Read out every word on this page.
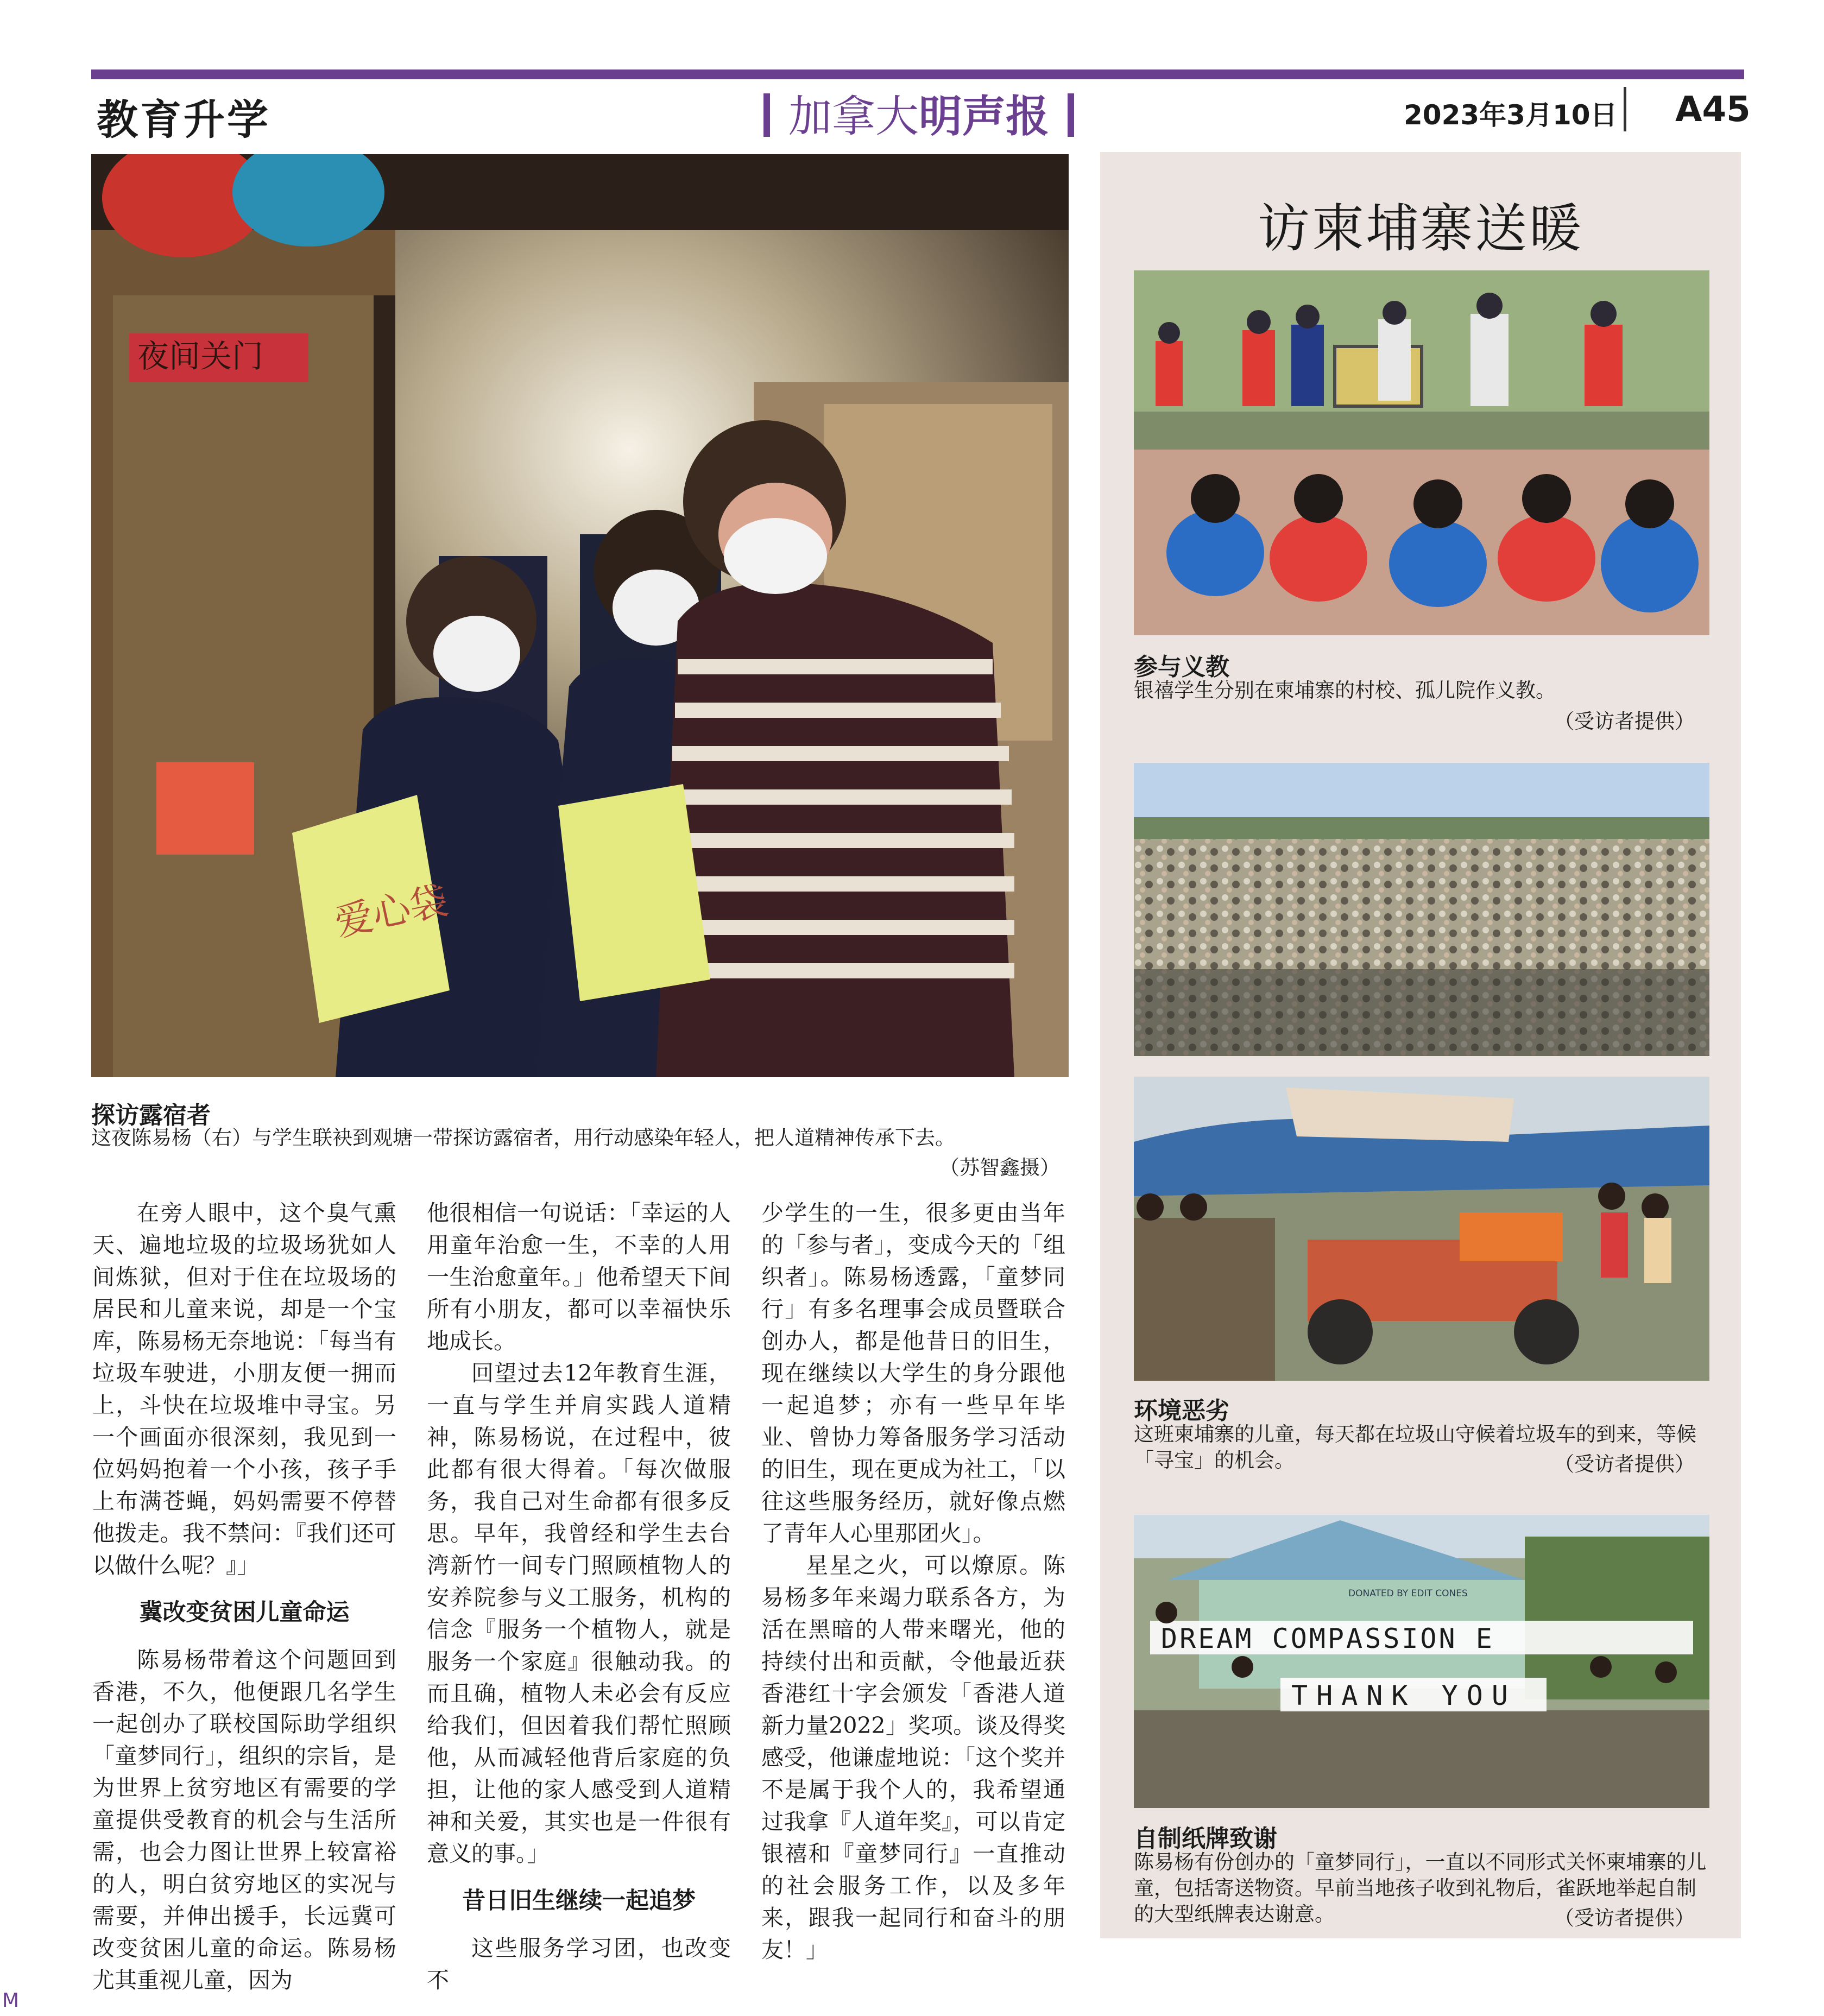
教育升学	加拿大明声报	2023年3月10日 A45
夜间关门
爱心袋
探访露宿者
这夜陈易杨（右）与学生联袂到观塘一带探访露宿者，用行动感染年轻人，把人道精神传承下去。
（苏智鑫摄）

在旁人眼中，这个臭气熏天、遍地垃圾的垃圾场犹如人间炼狱，但对于住在垃圾场的居民和儿童来说，却是一个宝库，陈易杨无奈地说：「每当有垃圾车驶进，小朋友便一拥而上，斗快在垃圾堆中寻宝。另一个画面亦很深刻，我见到一位妈妈抱着一个小孩，孩子手上布满苍蝇，妈妈需要不停替他拨走。我不禁问：『我们还可以做什么呢？』」

冀改变贫困儿童命运

陈易杨带着这个问题回到香港，不久，他便跟几名学生一起创办了联校国际助学组织「童梦同行」，组织的宗旨，是为世界上贫穷地区有需要的学童提供受教育的机会与生活所需，也会力图让世界上较富裕的人，明白贫穷地区的实况与需要，并伸出援手，长远冀可改变贫困儿童的命运。陈易杨尤其重视儿童，因为

他很相信一句说话：「幸运的人用童年治愈一生，不幸的人用一生治愈童年。」他希望天下间所有小朋友，都可以幸福快乐地成长。

回望过去12年教育生涯，一直与学生并肩实践人道精神，陈易杨说，在过程中，彼此都有很大得着。「每次做服务，我自己对生命都有很多反思。早年，我曾经和学生去台湾新竹一间专门照顾植物人的安养院参与义工服务，机构的信念『服务一个植物人，就是服务一个家庭』很触动我。的而且确，植物人未必会有反应给我们，但因着我们帮忙照顾他，从而减轻他背后家庭的负担，让他的家人感受到人道精神和关爱，其实也是一件很有意义的事。」

昔日旧生继续一起追梦

这些服务学习团，也改变不

少学生的一生，很多更由当年的「参与者」，变成今天的「组织者」。陈易杨透露，「童梦同行」有多名理事会成员暨联合创办人，都是他昔日的旧生，现在继续以大学生的身分跟他一起追梦；亦有一些早年毕业、曾协力筹备服务学习活动的旧生，现在更成为社工，「以往这些服务经历，就好像点燃了青年人心里那团火」。

星星之火，可以燎原。陈易杨多年来竭力联系各方，为活在黑暗的人带来曙光，他的持续付出和贡献，令他最近获香港红十字会颁发「香港人道新力量2022」奖项。谈及得奖感受，他谦虚地说：「这个奖并不是属于我个人的，我希望通过我拿『人道年奖』，可以肯定银禧和『童梦同行』一直推动的社会服务工作，以及多年来，跟我一起同行和奋斗的朋友！」

访柬埔寨送暖
参与义教
银禧学生分别在柬埔寨的村校、孤儿院作义教。
（受访者提供）
环境恶劣
这班柬埔寨的儿童，每天都在垃圾山守候着垃圾车的到来，等候「寻宝」的机会。	（受访者提供）
DONATED BY EDIT CONES
DREAM COMPASSION E
THANK YOU
自制纸牌致谢
陈易杨有份创办的「童梦同行」，一直以不同形式关怀柬埔寨的儿童，包括寄送物资。早前当地孩子收到礼物后，雀跃地举起自制的大型纸牌表达谢意。	（受访者提供）
M
